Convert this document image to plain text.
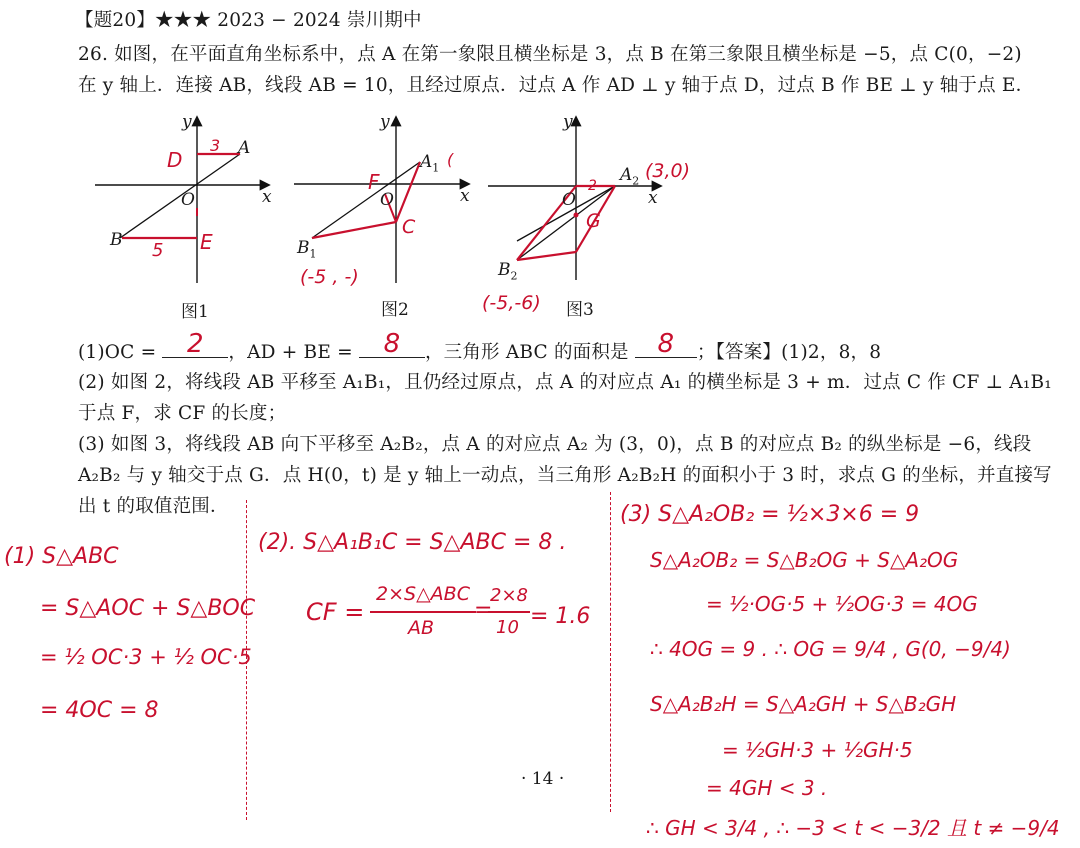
【题20】★★★ 2023 − 2024 崇川期中
26. 如图，在平面直角坐标系中，点 A 在第一象限且横坐标是 3，点 B 在第三象限且横坐标是 −5，点 C(0，−2)
在 y 轴上．连接 AB，线段 AB = 10，且经过原点．过点 A 作 AD ⊥ y 轴于点 D，过点 B 作 BE ⊥ y 轴于点 E．
y
x
O
A
B
D
E
3
5
图1
y
x
O
$A_1$
$B_1$
F
C
(
(-5 , -)
图2
y
x
O
$A_2$
$B_2$
G
2
(3,0)
(-5,-6) 图3
(1)OC =	2	，AD + BE =	8	，三角形 ABC 的面积是	8	；【答案】(1)2，8，8
(2) 如图 2，将线段 AB 平移至 A₁B₁，且仍经过原点，点 A 的对应点 A₁ 的横坐标是 3 + m．过点 C 作 CF ⊥ A₁B₁
于点 F，求 CF 的长度；
(3) 如图 3，将线段 AB 向下平移至 A₂B₂，点 A 的对应点 A₂ 为 (3，0)，点 B 的对应点 B₂ 的纵坐标是 −6，线段
A₂B₂ 与 y 轴交于点 G．点 H(0，t) 是 y 轴上一动点，当三角形 A₂B₂H 的面积小于 3 时，求点 G 的坐标，并直接写
出 t 的取值范围．
(1) S△ABC
= S△AOC + S△BOC
= ½ OC·3 + ½ OC·5
= 4OC = 8
(2). S△A₁B₁C = S△ABC = 8 .
CF =
2×S△ABC
AB
=
2×8
10 = 1.6
(3) S△A₂OB₂ = ½×3×6 = 9
S△A₂OB₂ = S△B₂OG + S△A₂OG
= ½·OG·5 + ½OG·3 = 4OG
∴ 4OG = 9 . ∴ OG = 9/4 , G(0, −9/4)
S△A₂B₂H = S△A₂GH + S△B₂GH
= ½GH·3 + ½GH·5
= 4GH < 3 .
∴ GH < 3/4 , ∴ −3 < t < −3/2 且 t ≠ −9/4
· 14 ·
